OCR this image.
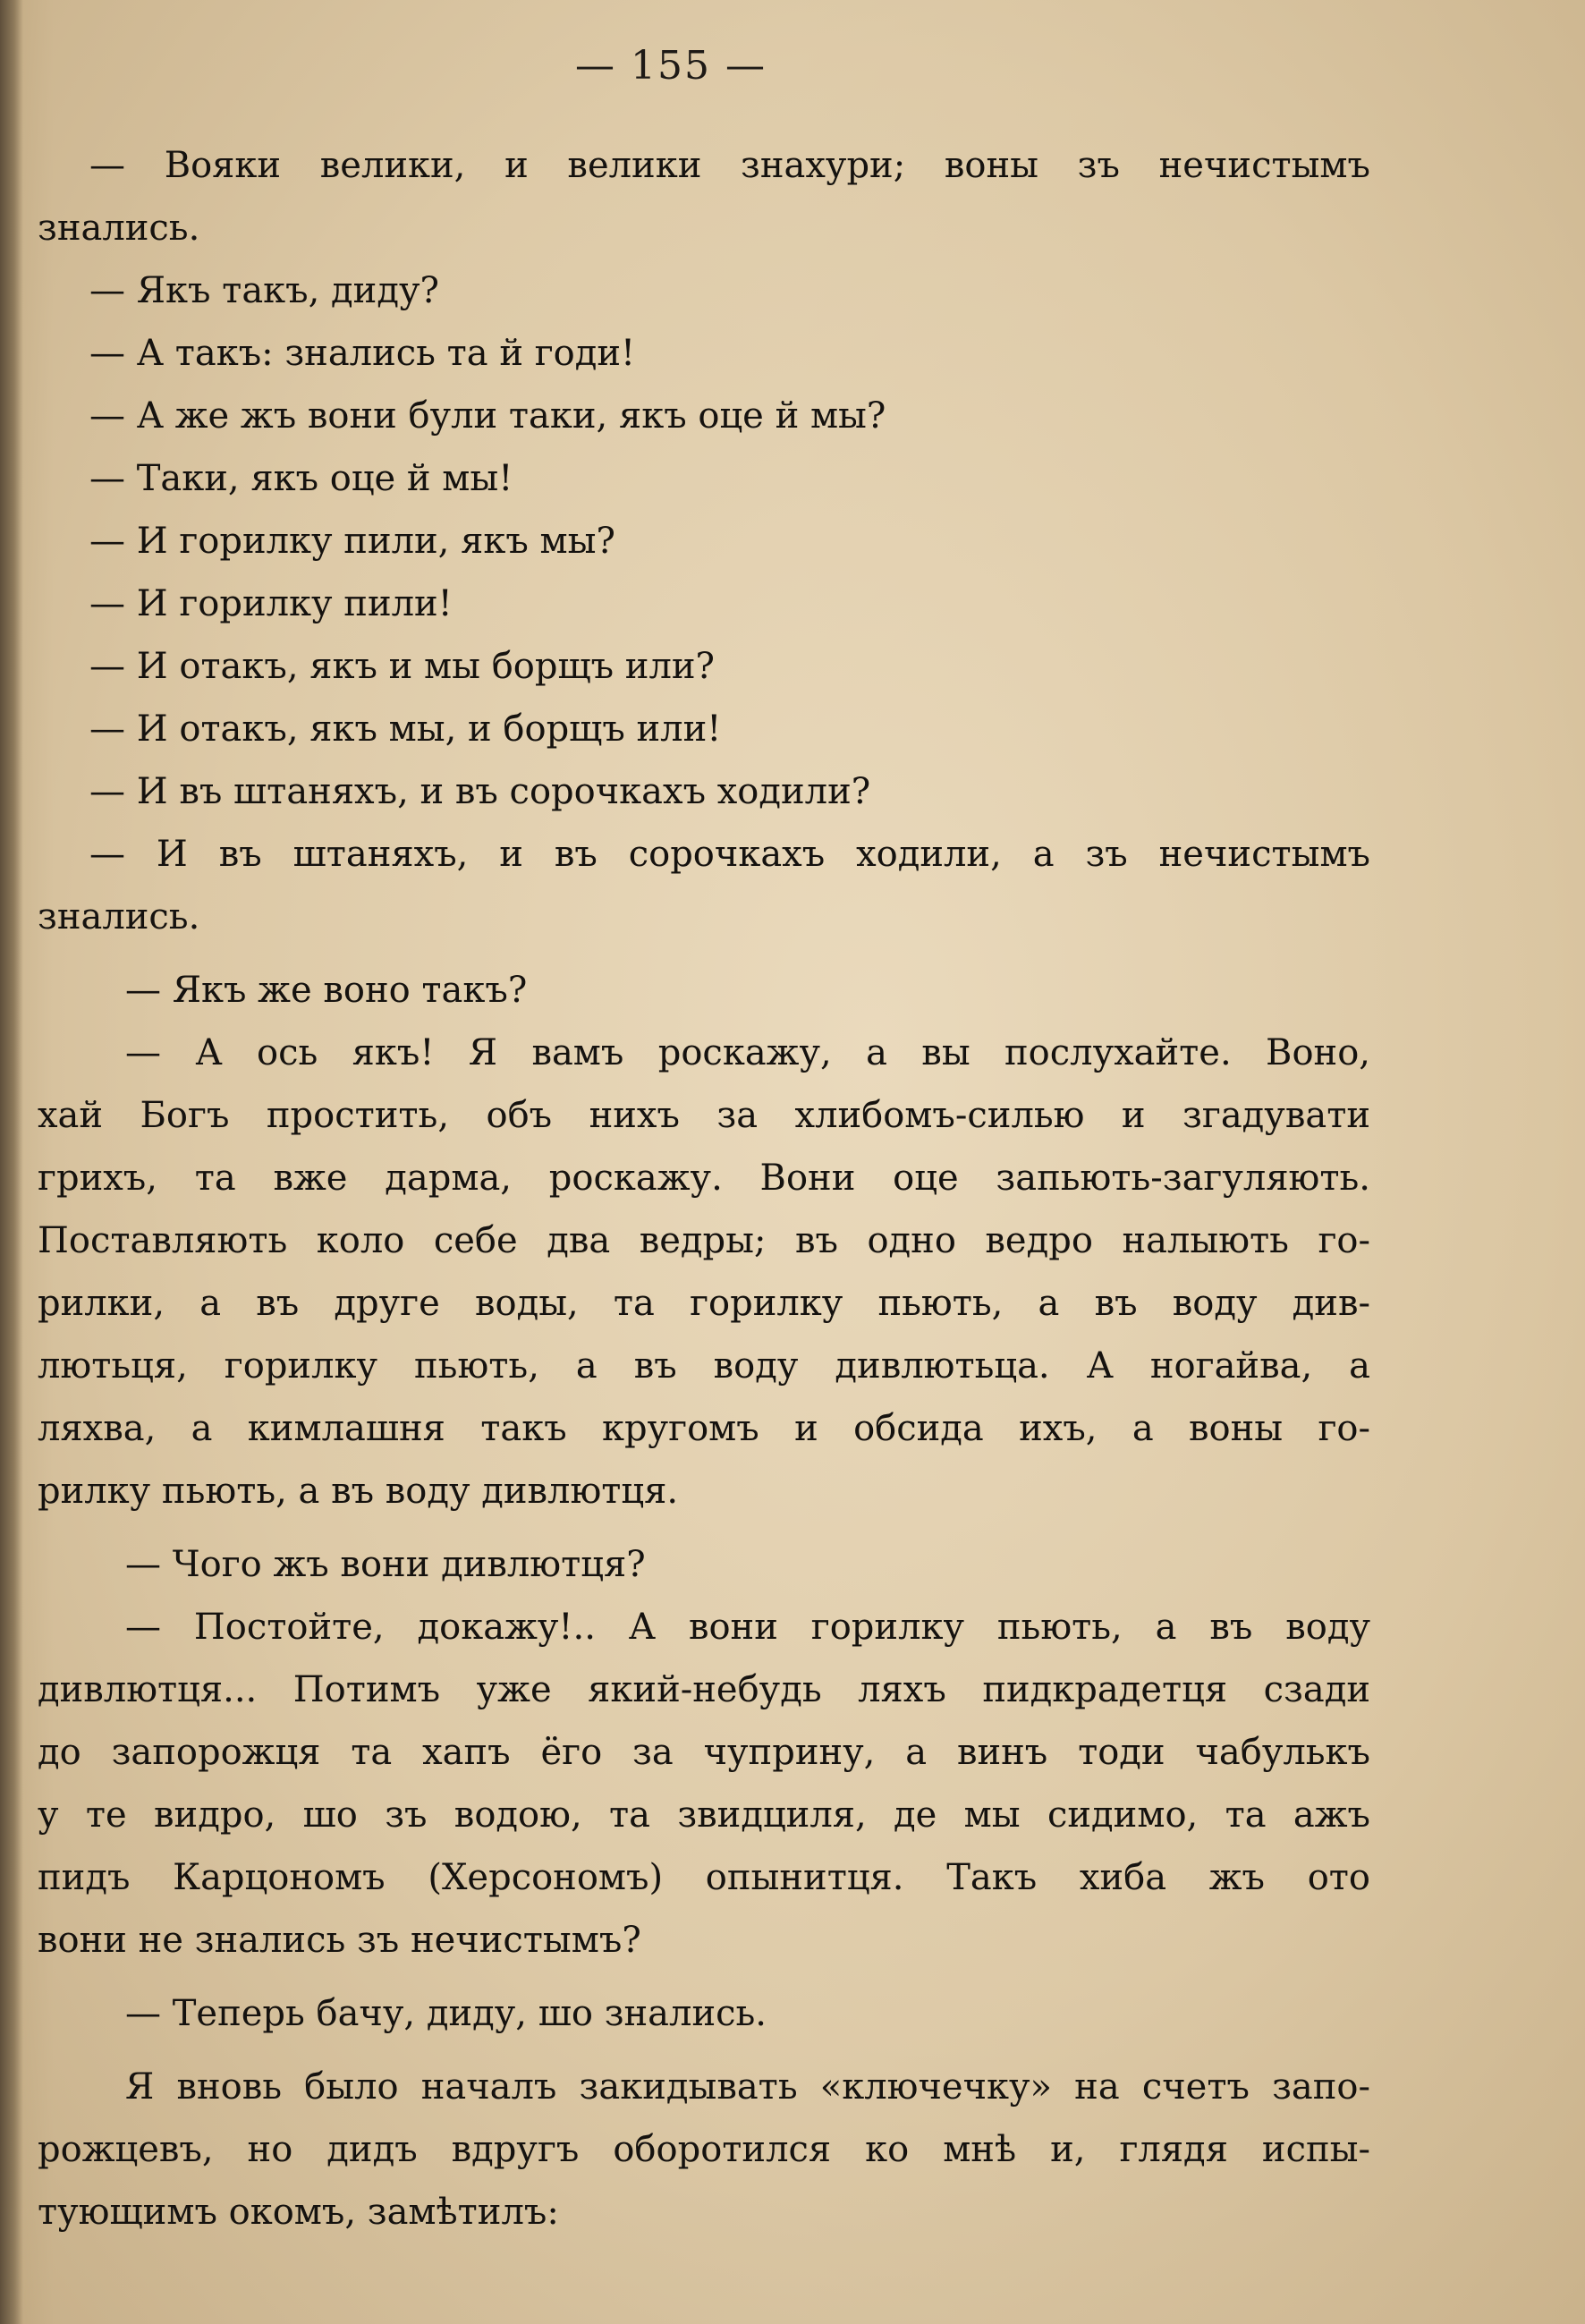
— 155 —
— Вояки велики, и велики знахури; воны зъ нечистымъ
знались.
— Якъ такъ, диду?
— А такъ: знались та й годи!
— А же жъ вони були таки, якъ оце й мы?
— Таки, якъ оце й мы!
— И горилку пили, якъ мы?
— И горилку пили!
— И отакъ, якъ и мы борщъ или?
— И отакъ, якъ мы, и борщъ или!
— И въ штаняхъ, и въ сорочкахъ ходили?
— И въ штаняхъ, и въ сорочкахъ ходили, а зъ нечистымъ
знались.
— Якъ же воно такъ?
— А ось якъ! Я вамъ роскажу, а вы послухайте. Воно,
хай Богъ простить, объ нихъ за хлибомъ-силью и згадувати
грихъ, та вже дарма, роскажу. Вони оце запьють-загуляють.
Поставляють коло себе два ведры; въ одно ведро налыють го-
рилки, а въ друге воды, та горилку пьють, а въ воду див-
лютьця, горилку пьють, а въ воду дивлютьца. А ногайва, а
ляхва, а кимлашня такъ кругомъ и обсида ихъ, а воны го-
рилку пьють, а въ воду дивлютця.
— Чого жъ вони дивлютця?
— Постойте, докажу!.. А вони горилку пьють, а въ воду
дивлютця... Потимъ уже який-небудь ляхъ пидкрадетця сзади
до запорожця та хапъ ёго за чуприну, а винъ тоди чабулькъ
у те видро, шо зъ водою, та звидциля, де мы сидимо, та ажъ
пидъ Карцономъ (Херсономъ) опынитця. Такъ хиба жъ ото
вони не знались зъ нечистымъ?
— Теперь бачу, диду, шо знались.
Я вновь было началъ закидывать «ключечку» на счетъ запо-
рожцевъ, но дидъ вдругъ оборотился ко мнѣ и, глядя испы-
тующимъ окомъ, замѣтилъ:
